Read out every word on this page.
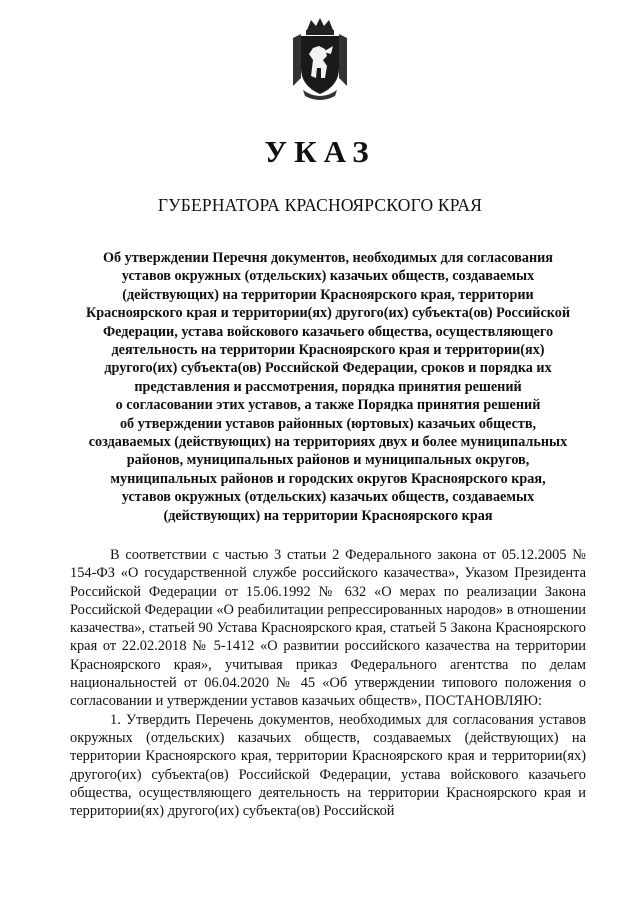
УКАЗ
ГУБЕРНАТОРА КРАСНОЯРСКОГО КРАЯ
Об утверждении Перечня документов, необходимых для согласования
уставов окружных (отдельских) казачьих обществ, создаваемых
(действующих) на территории Красноярского края, территории
Красноярского края и территории(ях) другого(их) субъекта(ов) Российской
Федерации, устава войскового казачьего общества, осуществляющего
деятельность на территории Красноярского края и территории(ях)
другого(их) субъекта(ов) Российской Федерации, сроков и порядка их
представления и рассмотрения, порядка принятия решений
о согласовании этих уставов, а также Порядка принятия решений
об утверждении уставов районных (юртовых) казачьих обществ,
создаваемых (действующих) на территориях двух и более муниципальных
районов, муниципальных районов и муниципальных округов,
муниципальных районов и городских округов Красноярского края,
уставов окружных (отдельских) казачьих обществ, создаваемых
(действующих) на территории Красноярского края

В соответствии с частью 3 статьи 2 Федерального закона от 05.12.2005 № 154-ФЗ «О государственной службе российского казачества», Указом Президента Российской Федерации от 15.06.1992 № 632 «О мерах по реализации Закона Российской Федерации «О реабилитации репрессированных народов» в отношении казачества», статьей 90 Устава Красноярского края, статьей 5 Закона Красноярского края от 22.02.2018 № 5-1412 «О развитии российского казачества на территории Красноярского края», учитывая приказ Федерального агентства по делам национальностей от 06.04.2020 № 45 «Об утверждении типового положения о согласовании и утверждении уставов казачьих обществ», ПОСТАНОВЛЯЮ:

1. Утвердить Перечень документов, необходимых для согласования уставов окружных (отдельских) казачьих обществ, создаваемых (действующих) на территории Красноярского края, территории Красноярского края и территории(ях) другого(их) субъекта(ов) Российской Федерации, устава войскового казачьего общества, осуществляющего деятельность на территории Красноярского края и территории(ях) другого(их) субъекта(ов) Российской
